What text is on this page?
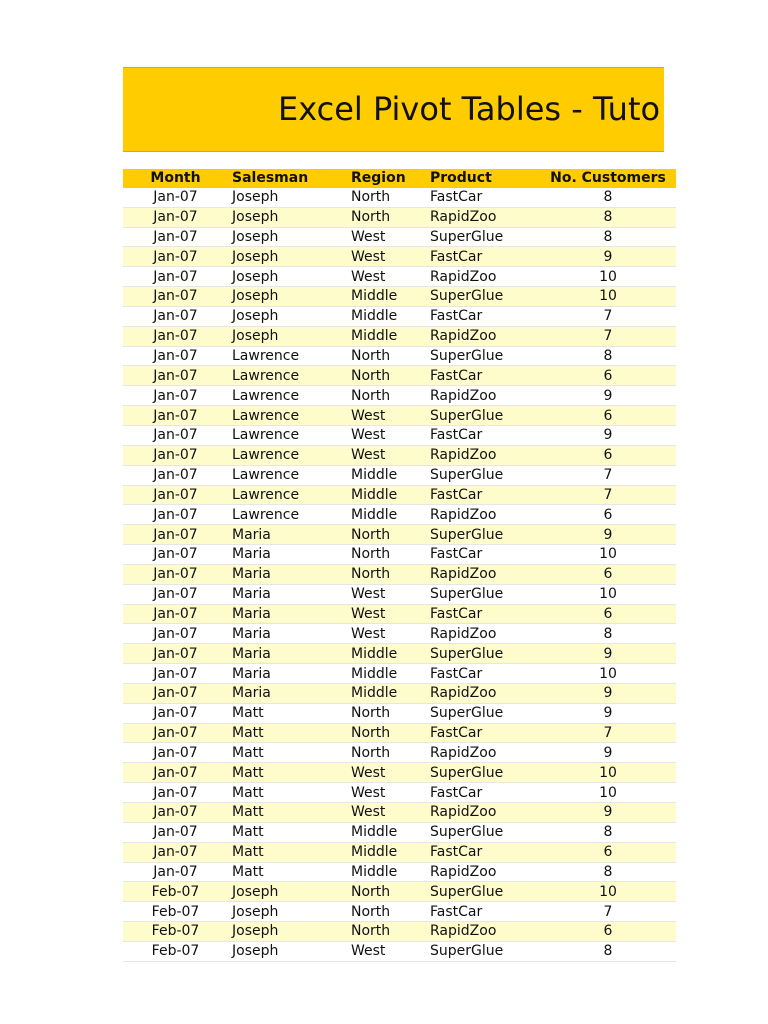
Excel Pivot Tables - Tuto
Month	Salesman	Region	Product	No. Customers
Jan-07	Joseph	North	FastCar	8
Jan-07	Joseph	North	RapidZoo	8
Jan-07	Joseph	West	SuperGlue	8
Jan-07	Joseph	West	FastCar	9
Jan-07	Joseph	West	RapidZoo	10
Jan-07	Joseph	Middle	SuperGlue	10
Jan-07	Joseph	Middle	FastCar	7
Jan-07	Joseph	Middle	RapidZoo	7
Jan-07	Lawrence	North	SuperGlue	8
Jan-07	Lawrence	North	FastCar	6
Jan-07	Lawrence	North	RapidZoo	9
Jan-07	Lawrence	West	SuperGlue	6
Jan-07	Lawrence	West	FastCar	9
Jan-07	Lawrence	West	RapidZoo	6
Jan-07	Lawrence	Middle	SuperGlue	7
Jan-07	Lawrence	Middle	FastCar	7
Jan-07	Lawrence	Middle	RapidZoo	6
Jan-07	Maria	North	SuperGlue	9
Jan-07	Maria	North	FastCar	10
Jan-07	Maria	North	RapidZoo	6
Jan-07	Maria	West	SuperGlue	10
Jan-07	Maria	West	FastCar	6
Jan-07	Maria	West	RapidZoo	8
Jan-07	Maria	Middle	SuperGlue	9
Jan-07	Maria	Middle	FastCar	10
Jan-07	Maria	Middle	RapidZoo	9
Jan-07	Matt	North	SuperGlue	9
Jan-07	Matt	North	FastCar	7
Jan-07	Matt	North	RapidZoo	9
Jan-07	Matt	West	SuperGlue	10
Jan-07	Matt	West	FastCar	10
Jan-07	Matt	West	RapidZoo	9
Jan-07	Matt	Middle	SuperGlue	8
Jan-07	Matt	Middle	FastCar	6
Jan-07	Matt	Middle	RapidZoo	8
Feb-07	Joseph	North	SuperGlue	10
Feb-07	Joseph	North	FastCar	7
Feb-07	Joseph	North	RapidZoo	6
Feb-07	Joseph	West	SuperGlue	8
